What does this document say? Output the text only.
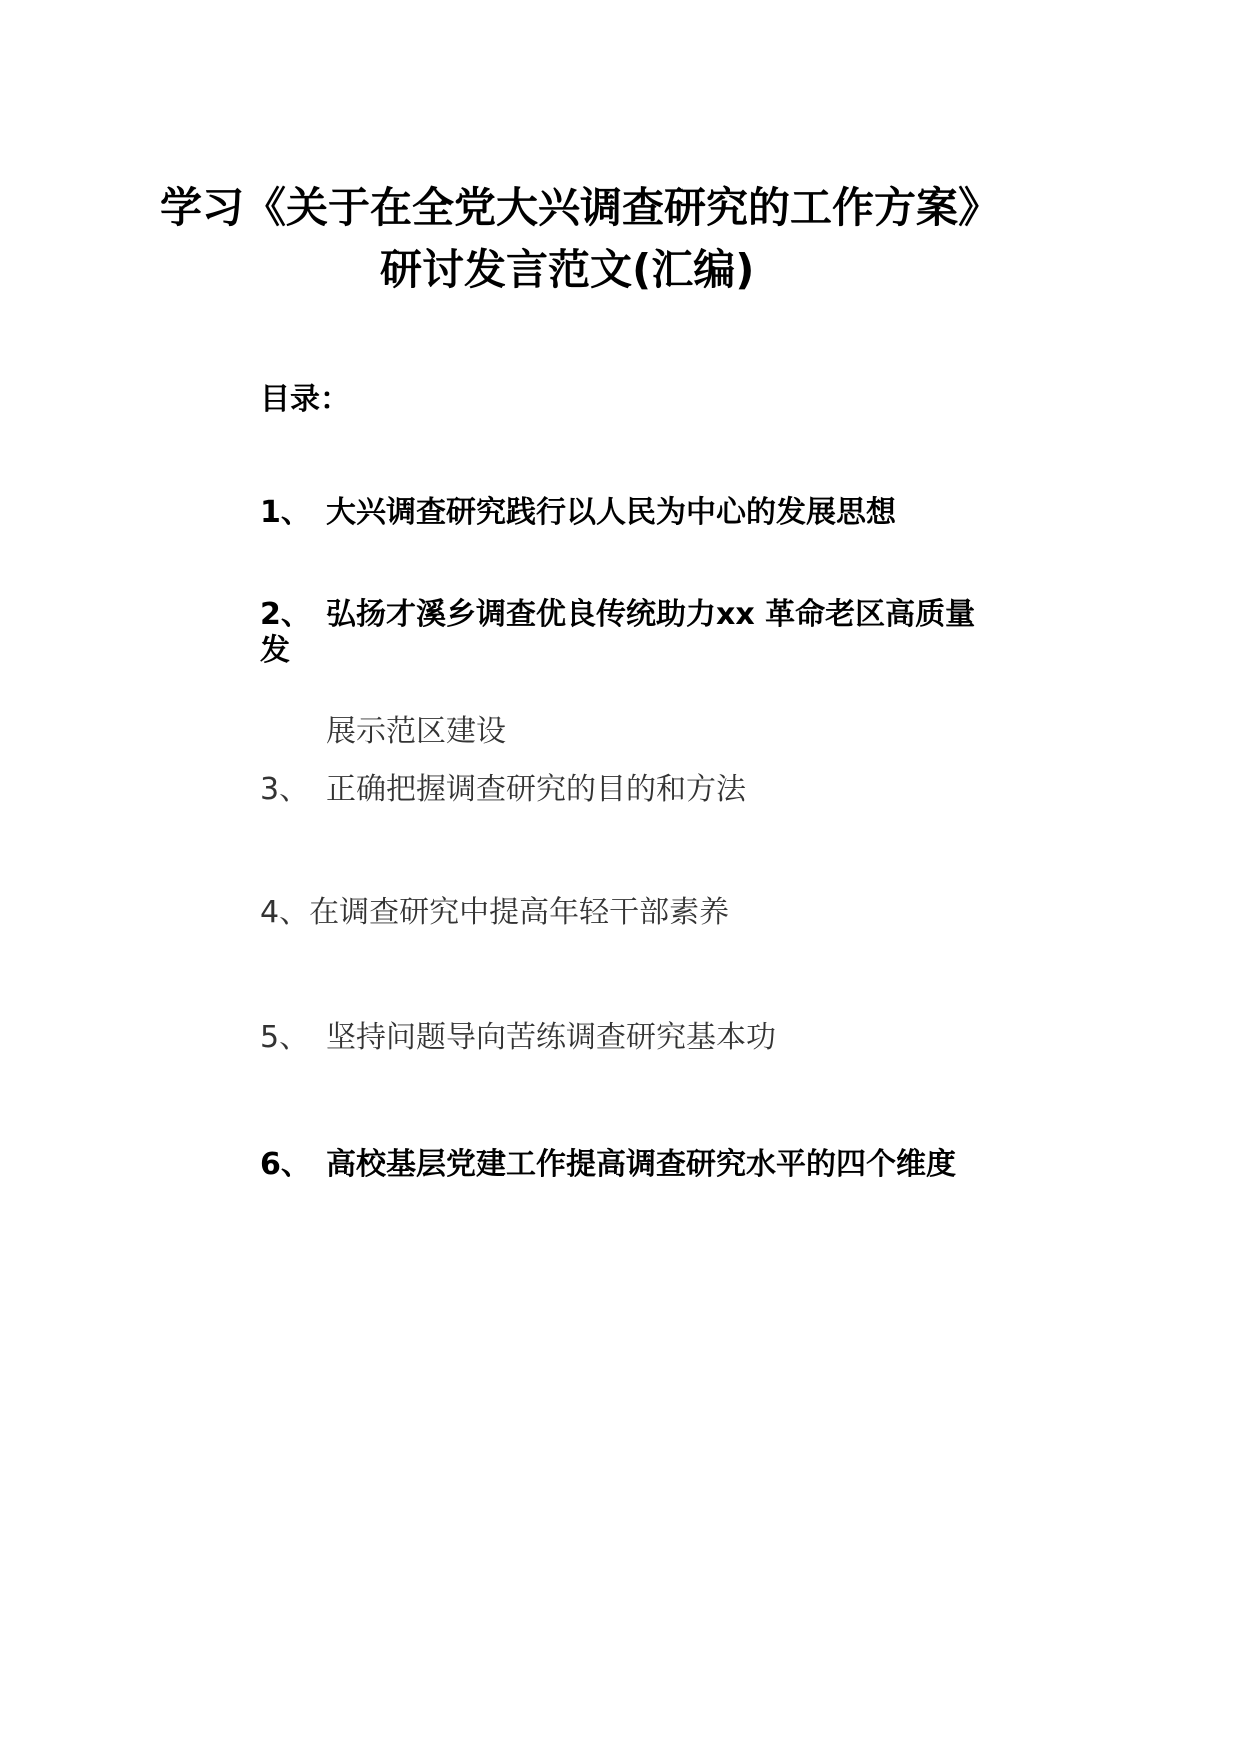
学习《关于在全党大兴调查研究的工作方案》
研讨发言范文(汇编)
目录：
1、 大兴调查研究践行以人民为中心的发展思想
2、 弘扬才溪乡调查优良传统助力xx 革命老区高质量
发
展示范区建设
3、 正确把握调查研究的目的和方法
4、在调查研究中提高年轻干部素养
5、 坚持问题导向苦练调查研究基本功
6、 高校基层党建工作提高调查研究水平的四个维度
